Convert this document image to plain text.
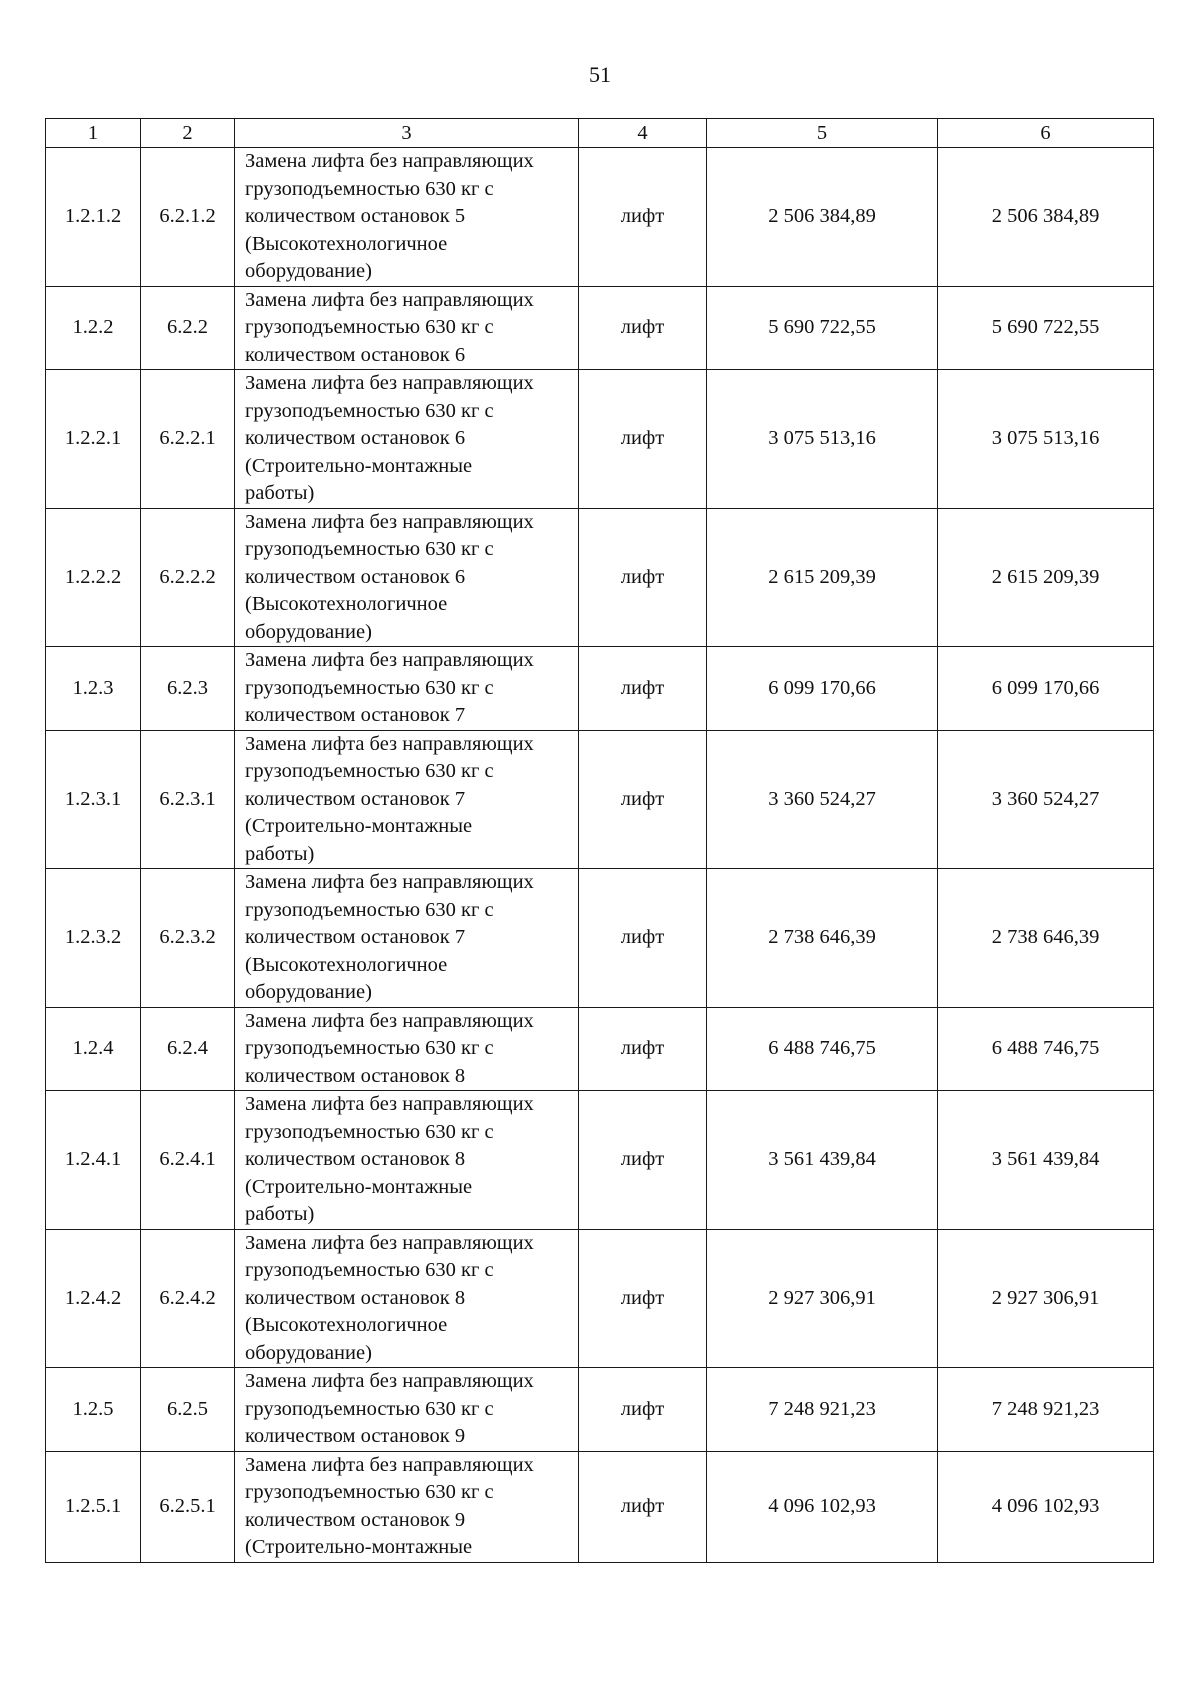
51
1	2	3	4	5	6
1.2.1.2	6.2.1.2	Замена лифта без направляющих
грузоподъемностью 630 кг с
количеством остановок 5
(Высокотехнологичное
оборудование)	лифт	2 506 384,89	2 506 384,89
1.2.2	6.2.2	Замена лифта без направляющих
грузоподъемностью 630 кг с
количеством остановок 6	лифт	5 690 722,55	5 690 722,55
1.2.2.1	6.2.2.1	Замена лифта без направляющих
грузоподъемностью 630 кг с
количеством остановок 6
(Строительно-монтажные
работы)	лифт	3 075 513,16	3 075 513,16
1.2.2.2	6.2.2.2	Замена лифта без направляющих
грузоподъемностью 630 кг с
количеством остановок 6
(Высокотехнологичное
оборудование)	лифт	2 615 209,39	2 615 209,39
1.2.3	6.2.3	Замена лифта без направляющих
грузоподъемностью 630 кг с
количеством остановок 7	лифт	6 099 170,66	6 099 170,66
1.2.3.1	6.2.3.1	Замена лифта без направляющих
грузоподъемностью 630 кг с
количеством остановок 7
(Строительно-монтажные
работы)	лифт	3 360 524,27	3 360 524,27
1.2.3.2	6.2.3.2	Замена лифта без направляющих
грузоподъемностью 630 кг с
количеством остановок 7
(Высокотехнологичное
оборудование)	лифт	2 738 646,39	2 738 646,39
1.2.4	6.2.4	Замена лифта без направляющих
грузоподъемностью 630 кг с
количеством остановок 8	лифт	6 488 746,75	6 488 746,75
1.2.4.1	6.2.4.1	Замена лифта без направляющих
грузоподъемностью 630 кг с
количеством остановок 8
(Строительно-монтажные
работы)	лифт	3 561 439,84	3 561 439,84
1.2.4.2	6.2.4.2	Замена лифта без направляющих
грузоподъемностью 630 кг с
количеством остановок 8
(Высокотехнологичное
оборудование)	лифт	2 927 306,91	2 927 306,91
1.2.5	6.2.5	Замена лифта без направляющих
грузоподъемностью 630 кг с
количеством остановок 9	лифт	7 248 921,23	7 248 921,23
1.2.5.1	6.2.5.1	Замена лифта без направляющих
грузоподъемностью 630 кг с
количеством остановок 9
(Строительно-монтажные	лифт	4 096 102,93	4 096 102,93
